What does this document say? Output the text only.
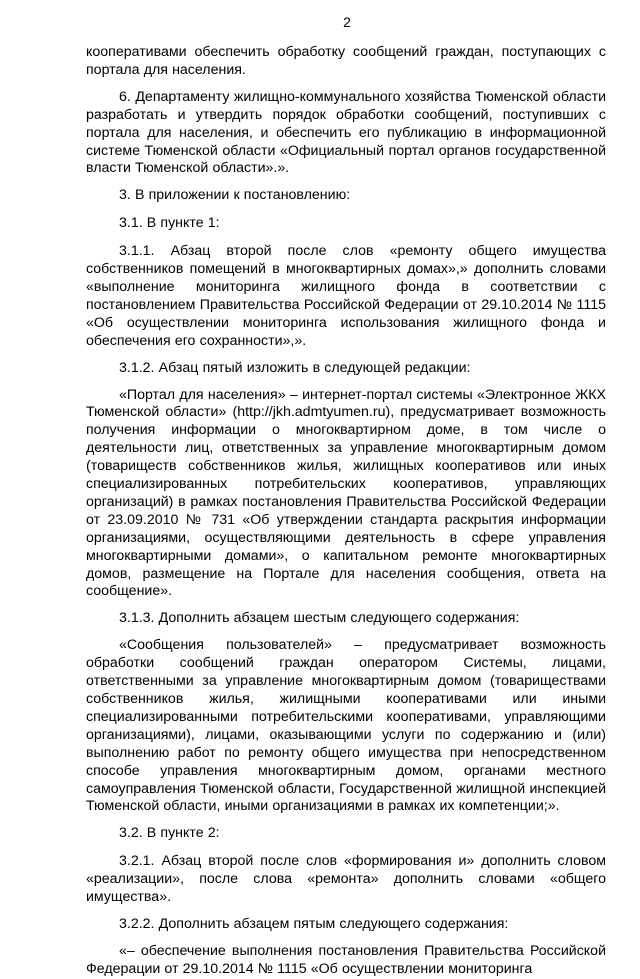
2

кооперативами обеспечить обработку сообщений граждан, поступающих с портала для населения.

6. Департаменту жилищно-коммунального хозяйства Тюменской области разработать и утвердить порядок обработки сообщений, поступивших с портала для населения, и обеспечить его публикацию в информационной системе Тюменской области «Официальный портал органов государственной власти Тюменской области».».

3. В приложении к постановлению:

3.1. В пункте 1:

3.1.1. Абзац второй после слов «ремонту общего имущества собственников помещений в многоквартирных домах»,» дополнить словами «выполнение мониторинга жилищного фонда в соответствии с постановлением Правительства Российской Федерации от 29.10.2014 № 1115 «Об осуществлении мониторинга использования жилищного фонда и обеспечения его сохранности»,».

3.1.2. Абзац пятый изложить в следующей редакции:

«Портал для населения» – интернет-портал системы «Электронное ЖКХ Тюменской области» (http://jkh.admtyumen.ru), предусматривает возможность получения информации о многоквартирном доме, в том числе о деятельности лиц, ответственных за управление многоквартирным домом (товариществ собственников жилья, жилищных кооперативов или иных специализированных потребительских кооперативов, управляющих организаций) в рамках постановления Правительства Российской Федерации от 23.09.2010 № 731 «Об утверждении стандарта раскрытия информации организациями, осуществляющими деятельность в сфере управления многоквартирными домами», о капитальном ремонте многоквартирных домов, размещение на Портале для населения сообщения, ответа на сообщение».

3.1.3. Дополнить абзацем шестым следующего содержания:

«Сообщения пользователей» – предусматривает возможность обработки сообщений граждан оператором Системы, лицами, ответственными за управление многоквартирным домом (товариществами собственников жилья, жилищными кооперативами или иными специализированными потребительскими кооперативами, управляющими организациями), лицами, оказывающими услуги по содержанию и (или) выполнению работ по ремонту общего имущества при непосредственном способе управления многоквартирным домом, органами местного самоуправления Тюменской области, Государственной жилищной инспекцией Тюменской области, иными организациями в рамках их компетенции;».

3.2. В пункте 2:

3.2.1. Абзац второй после слов «формирования и» дополнить словом «реализации», после слова «ремонта» дополнить словами «общего имущества».

3.2.2. Дополнить абзацем пятым следующего содержания:

«– обеспечение выполнения постановления Правительства Российской Федерации от 29.10.2014 № 1115 «Об осуществлении мониторинга
